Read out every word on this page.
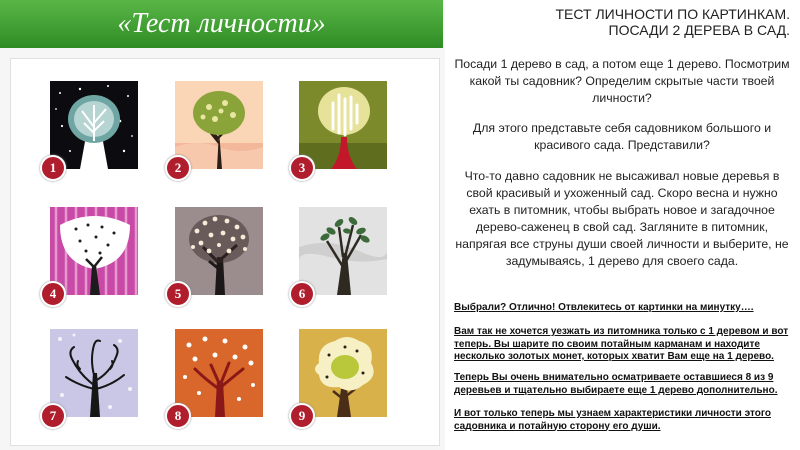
«Тест личности»
1	2	3
4	5	6
7	8	9
ТЕСТ ЛИЧНОСТИ ПО КАРТИНКАМ.
ПОСАДИ 2 ДЕРЕВА В САД.
Посади 1 дерево в сад, а потом еще 1 дерево. Посмотрим какой ты садовник? Определим скрытые части твоей личности?
Для этого представьте себя садовником большого и красивого сада. Представили?
Что-то давно садовник не высаживал новые деревья в свой красивый и ухоженный сад. Скоро весна и нужно ехать в питомник, чтобы выбрать новое и загадочное дерево-саженец в свой сад. Загляните в питомник, напрягая все струны души своей личности и выберите, не задумываясь, 1 дерево для своего сада.
Выбрали? Отлично! Отвлекитесь от картинки на минутку….
Вам так не хочется уезжать из питомника только с 1 деревом и вот теперь. Вы шарите по своим потайным карманам и находите несколько золотых монет, которых хватит Вам еще на 1 дерево.
Теперь Вы очень внимательно осматриваете оставшиеся 8 из 9 деревьев и тщательно выбираете еще 1 дерево дополнительно.
И вот только теперь мы узнаем характеристики личности этого садовника и потайную сторону его души.
